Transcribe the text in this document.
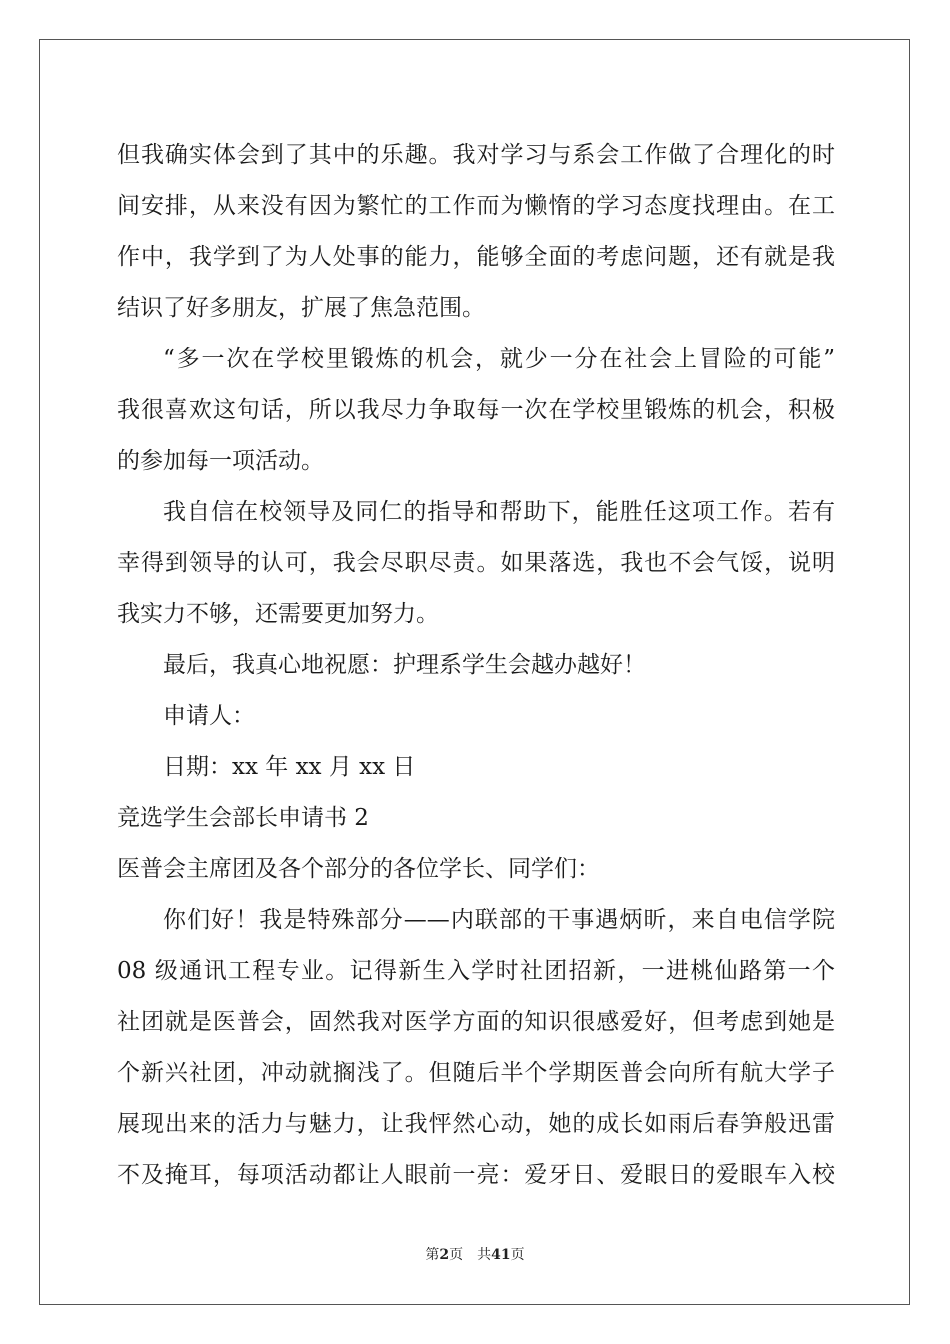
但我确实体会到了其中的乐趣。我对学习与系会工作做了合理化的时
间安排，从来没有因为繁忙的工作而为懒惰的学习态度找理由。在工
作中，我学到了为人处事的能力，能够全面的考虑问题，还有就是我
结识了好多朋友，扩展了焦急范围。
“多一次在学校里锻炼的机会，就少一分在社会上冒险的可能”
我很喜欢这句话，所以我尽力争取每一次在学校里锻炼的机会，积极
的参加每一项活动。
我自信在校领导及同仁的指导和帮助下，能胜任这项工作。若有
幸得到领导的认可，我会尽职尽责。如果落选，我也不会气馁，说明
我实力不够，还需要更加努力。
最后，我真心地祝愿：护理系学生会越办越好！
申请人：
日期：xx 年 xx 月 xx 日
竞选学生会部长申请书 2
医普会主席团及各个部分的各位学长、同学们：
你们好！我是特殊部分——内联部的干事遇炳昕，来自电信学院
08 级通讯工程专业。记得新生入学时社团招新，一进桃仙路第一个
社团就是医普会，固然我对医学方面的知识很感爱好，但考虑到她是
个新兴社团，冲动就搁浅了。但随后半个学期医普会向所有航大学子
展现出来的活力与魅力，让我怦然心动，她的成长如雨后春笋般迅雷
不及掩耳，每项活动都让人眼前一亮：爱牙日、爱眼日的爱眼车入校
第2页　共41页
